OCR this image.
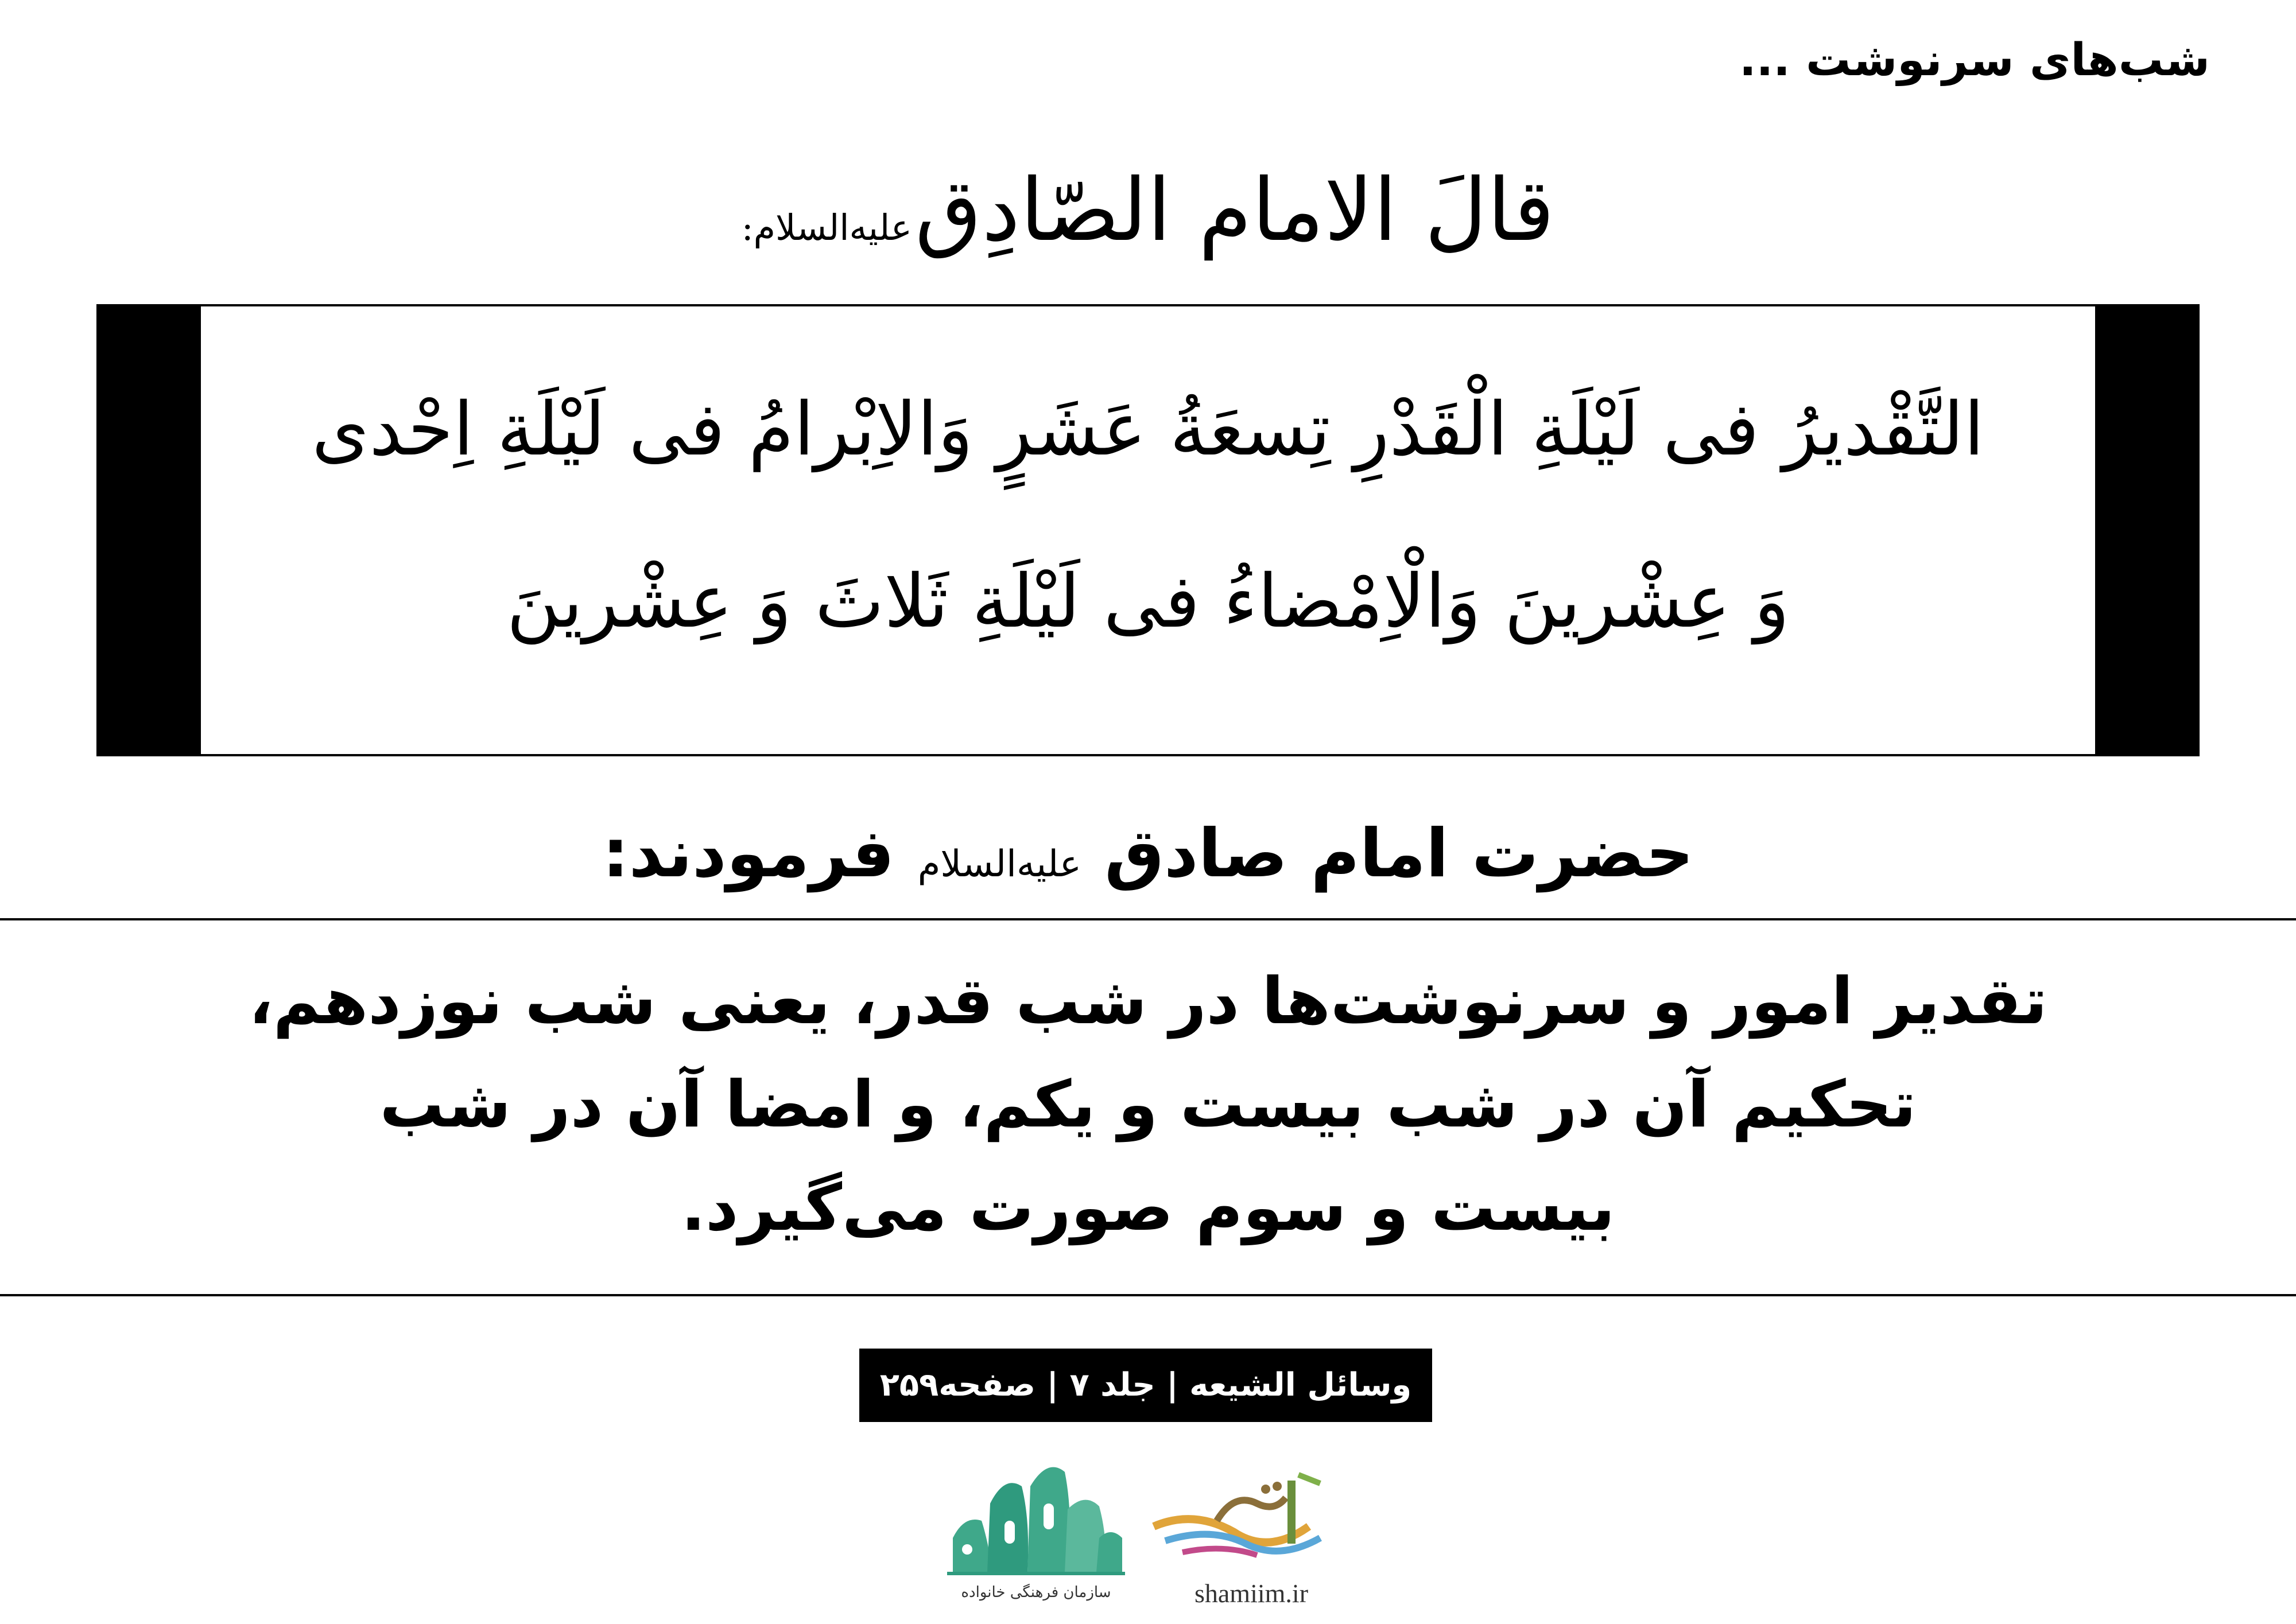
شب‌های سرنوشت ...
قالَ الامام الصّادِق علیه‌السلام:
التَّقْدیرُ فی لَیْلَةِ الْقَدْرِ تِسعَةُ عَشَرٍ وَالاِبْرامُ فی لَیْلَةِ اِحْدی
وَ عِشْرینَ وَالْاِمْضاءُ فی لَیْلَةِ ثَلاثَ وَ عِشْرینَ
حضرت امام صادق علیه‌السلام فرمودند:
تقدیر امور و سرنوشت‌ها در شب قدر، یعنی شب نوزدهم،
تحکیم آن در شب بیست و یکم، و امضا آن در شب
بیست و سوم صورت می‌گیرد.
وسائل الشیعه | جلد ۷ | صفحه۲۵۹
سازمان فرهنگی خانواده	shamiim.ir
